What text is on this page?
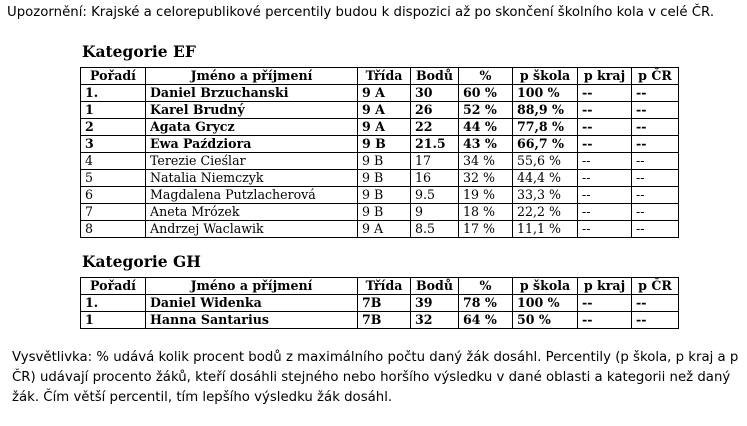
Upozornění: Krajské a celorepublikové percentily budou k dispozici až po skončení školního kola v celé ČR.
Kategorie EF
Pořadí	Jméno a příjmení	Třída	Bodů	%	p škola	p kraj	p ČR
1.	Daniel Brzuchanski	9 A	30	60 %	100 %	--	--
1	Karel Brudný	9 A	26	52 %	88,9 %	--	--
2	Agata Grycz	9 A	22	44 %	77,8 %	--	--
3	Ewa Paździora	9 B	21.5	43 %	66,7 %	--	--
4	Terezie Cieślar	9 B	17	34 %	55,6 %	--	--
5	Natalia Niemczyk	9 B	16	32 %	44,4 %	--	--
6	Magdalena Putzlacherová	9 B	9.5	19 %	33,3 %	--	--
7	Aneta Mrózek	9 B	9	18 %	22,2 %	--	--
8	Andrzej Waclawik	9 A	8.5	17 %	11,1 %	--	--
Kategorie GH
Pořadí	Jméno a příjmení	Třída	Bodů	%	p škola	p kraj	p ČR
1.	Daniel Widenka	7B	39	78 %	100 %	--	--
1	Hanna Santarius	7B	32	64 %	50 %	--	--
Vysvětlivka: % udává kolik procent bodů z maximálního počtu daný žák dosáhl. Percentily (p škola, p kraj a p ČR) udávají procento žáků, kteří dosáhli stejného nebo horšího výsledku v dané oblasti a kategorii než daný žák. Čím větší percentil, tím lepšího výsledku žák dosáhl.
